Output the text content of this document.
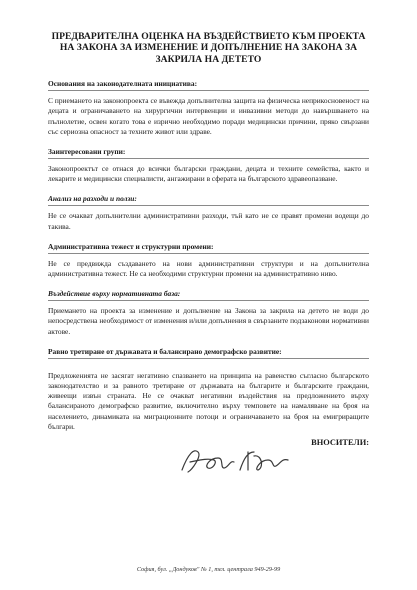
ПРЕДВАРИТЕЛНА ОЦЕНКА НА ВЪЗДЕЙСТВИЕТО КЪМ ПРОЕКТА НА ЗАКОНА ЗА ИЗМЕНЕНИЕ И ДОПЪЛНЕНИЕ НА ЗАКОНА ЗА ЗАКРИЛА НА ДЕТЕТО
Основания на законодателната инициатива:
С приемането на законопроекта се въвежда допълнителна защита на физическа неприкосновеност на децата и ограничаването на хирургични интервенции и инвазивни методи до навършването на пълнолетие, освен когато това е изрично необходимо поради медицински причини, пряко свързани със сериозна опасност за техните живот или здраве.
Заинтересовани групи:
Законопроектът се отнася до всички български граждани, децата и техните семейства, както и лекарите и медицински специалисти, ангажирани в сферата на българското здравеопазване.
Анализ на разходи и ползи:
Не се очакват допълнителни административни разходи, тъй като не се правят промени водещи до такива.
Административна тежест и структурни промени:
Не се предвижда създаването на нови административни структури и на допълнителна административна тежест. Не са необходими структурни промени на административно ниво.
Въздействие върху нормативната база:
Приемането на проекта за изменение и допълнение на Закона за закрила на детето не води до непосредствена необходимост от изменения и/или допълнения в свързаните подзаконови нормативни актове.
Равно третиране от държавата и балансирано демографско развитие:
Предложенията не засягат негативно спазването на принципа на равенство съгласно българското законодателство и за равното третиране от държавата на българите и българските граждани, живеещи извън страната. Не се очакват негативни въздействия на предложението върху балансираното демографско развитие, включително върху темповете на намаляване на броя на населението, динамиката на миграционните потоци и ограничаването на броя на емигриращите българи.
ВНОСИТЕЛИ:
София, бул. „Дондуков" № 1, тел. централа 949-29-99
